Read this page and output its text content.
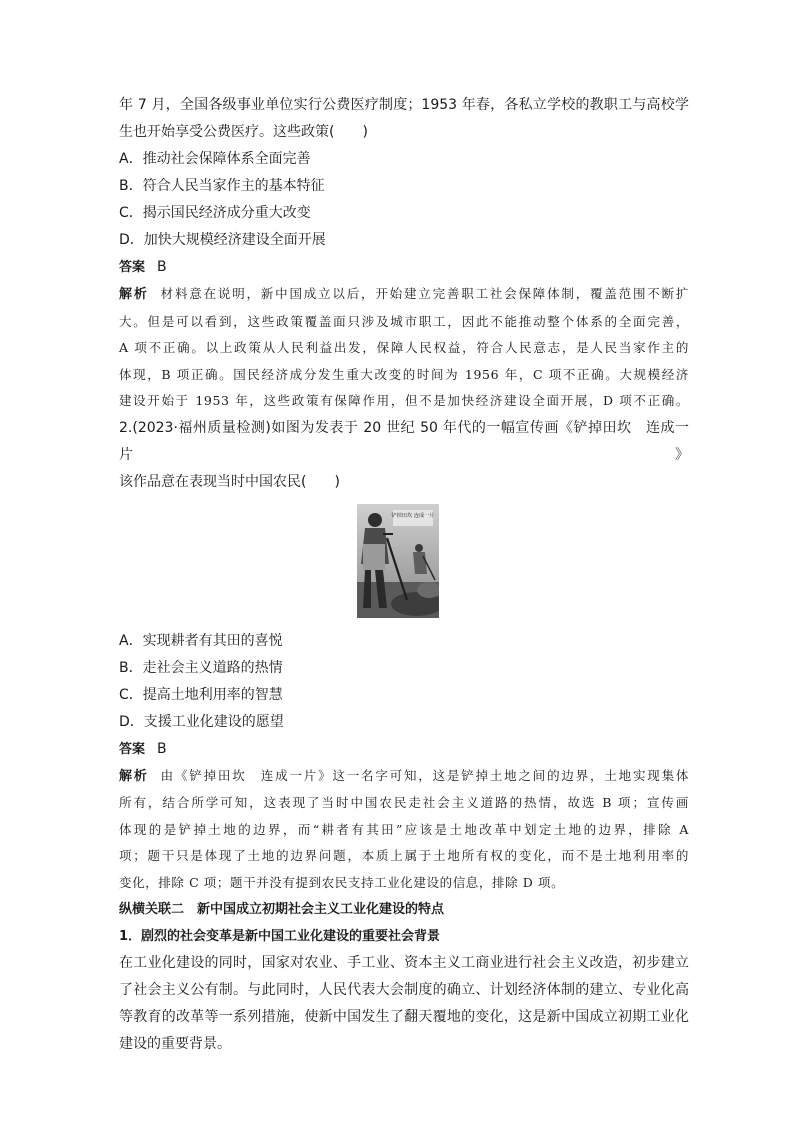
年 7 月，全国各级事业单位实行公费医疗制度；1953 年春，各私立学校的教职工与高校学
生也开始享受公费医疗。这些政策(　　)
A．推动社会保障体系全面完善
B．符合人民当家作主的基本特征
C．揭示国民经济成分重大改变
D．加快大规模经济建设全面开展
答案 B
解析 材料意在说明，新中国成立以后，开始建立完善职工社会保障体制，覆盖范围不断扩
大。但是可以看到，这些政策覆盖面只涉及城市职工，因此不能推动整个体系的全面完善，
A 项不正确。以上政策从人民利益出发，保障人民权益，符合人民意志，是人民当家作主的
体现，B 项正确。国民经济成分发生重大改变的时间为 1956 年，C 项不正确。大规模经济
建设开始于 1953 年，这些政策有保障作用，但不是加快经济建设全面开展，D 项不正确。
2.(2023·福州质量检测)如图为发表于 20 世纪 50 年代的一幅宣传画《铲掉田坎　连成一片》
该作品意在表现当时中国农民(　　)
铲掉田坎 连成一片
A．实现耕者有其田的喜悦
B．走社会主义道路的热情
C．提高土地利用率的智慧
D．支援工业化建设的愿望
答案 B
解析 由《铲掉田坎　连成一片》这一名字可知，这是铲掉土地之间的边界，土地实现集体
所有，结合所学可知，这表现了当时中国农民走社会主义道路的热情，故选 B 项；宣传画
体现的是铲掉土地的边界，而“耕者有其田”应该是土地改革中划定土地的边界，排除 A
项；题干只是体现了土地的边界问题，本质上属于土地所有权的变化，而不是土地利用率的
变化，排除 C 项；题干并没有提到农民支持工业化建设的信息，排除 D 项。
纵横关联二　新中国成立初期社会主义工业化建设的特点
1．剧烈的社会变革是新中国工业化建设的重要社会背景
在工业化建设的同时，国家对农业、手工业、资本主义工商业进行社会主义改造，初步建立
了社会主义公有制。与此同时，人民代表大会制度的确立、计划经济体制的建立、专业化高
等教育的改革等一系列措施，使新中国发生了翻天覆地的变化，这是新中国成立初期工业化
建设的重要背景。
